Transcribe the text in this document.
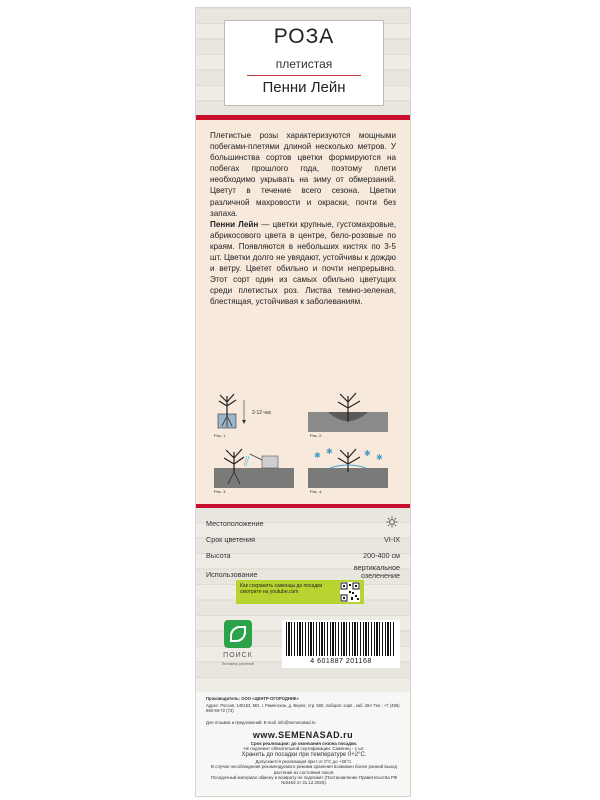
РОЗА
плетистая
Пенни Лейн

Плетистые розы характеризуются мощными побегами-плетями длиной несколько метров. У большинства сортов цветки формируются на побегах прошлого года, поэтому плети необходимо укрывать на зиму от обмерзаний. Цветут в течение всего сезона. Цветки различной махровости и окраски, почти без запаха.

Пенни Лейн — цветки крупные, густомахровые, абрикосового цвета в центре, бело-розовые по краям. Появляются в небольших кистях по 3-5 шт. Цветки долго не увядают, устойчивы к дождю и ветру. Цветет обильно и почти непрерывно. Этот сорт один из самых обильно цветущих среди плетистых роз. Листва темно-зеленая, блестящая, устойчивая к заболеваниям.

Рис. 1.
2-12 час
Рис. 2.
Рис. 3.
✱ ✱	✱ ✱
Рис. 4.
Местоположение
Срок цветения	VI-IX
Высота	200-400 см
Использование
вертикальное озеленение
Как сохранить саженцы до посадки смотрите на youtube.com
ПОИСК
Питомник растений	4 601887 201168
Производитель: ООО «ЦЕНТР-ОГОРОДНИК»
Адрес: Россия, 140153, МО, г. Раменское, д. Верея, стр. 500, лаборат. корп., каб. 28А Тел.: +7 (495) 660-93-72 (73)
Для отзывов и предложений: E-mail: info@semenasad.ru
www.SEMENASAD.ru
Срок реализации: до окончания сезона посадки.
Не подлежит обязательной сертификации. Саженец - 1 шт.
Хранить до посадки при температуре 0+2°С.
Допускается реализация при t от 0°С до +25°С.
В случае несоблюдения рекомендуемого режима хранения возможен более ранний выход растения из состояния покоя.
Посадочный материал обмену и возврату не подлежит (Постановление Правительства РФ №2463 от 31.12.2020).
